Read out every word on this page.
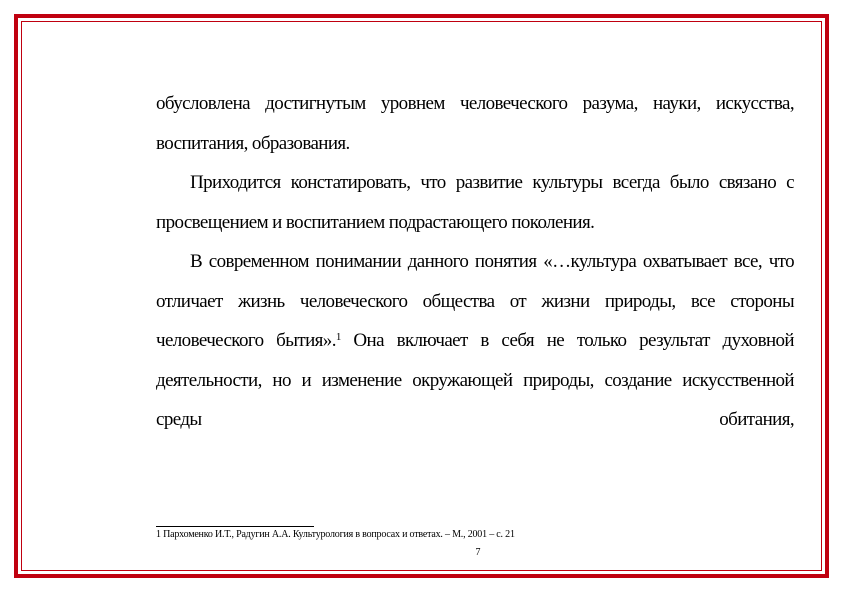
обусловлена достигнутым уровнем человеческого разума, науки, искусства, воспитания, образования.

Приходится констатировать, что развитие культуры всегда было связано с просвещением и воспитанием подрастающего поколения.

В современном понимании данного понятия «…культура охватывает все, что отличает жизнь человеческого общества от жизни природы, все стороны человеческого бытия».$^1$ Она включает в себя не только результат духовной деятельности, но и изменение окружающей природы, создание искусственной среды обитания,

1 Пархоменко И.Т., Радугин А.А. Культурология в вопросах и ответах. – М., 2001 – с. 21
7
